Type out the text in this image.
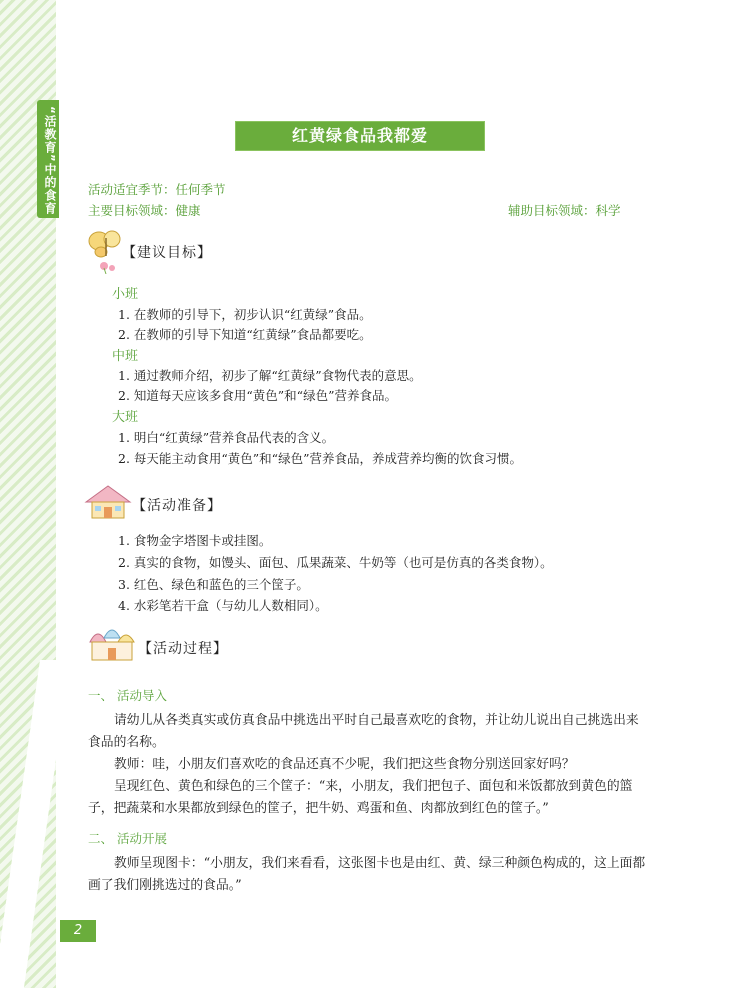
“活教育”中的食育
2
红黄绿食品我都爱
活动适宜季节：任何季节
主要目标领域：健康	辅助目标领域：科学
【建议目标】
小班
1. 在教师的引导下，初步认识“红黄绿”食品。
2. 在教师的引导下知道“红黄绿”食品都要吃。
中班
1. 通过教师介绍，初步了解“红黄绿”食物代表的意思。
2. 知道每天应该多食用“黄色”和“绿色”营养食品。
大班
1. 明白“红黄绿”营养食品代表的含义。
2. 每天能主动食用“黄色”和“绿色”营养食品，养成营养均衡的饮食习惯。
【活动准备】
1. 食物金字塔图卡或挂图。
2. 真实的食物，如馒头、面包、瓜果蔬菜、牛奶等（也可是仿真的各类食物）。
3. 红色、绿色和蓝色的三个筐子。
4. 水彩笔若干盒（与幼儿人数相同）。
【活动过程】
一、 活动导入
请幼儿从各类真实或仿真食品中挑选出平时自己最喜欢吃的食物，并让幼儿说出自己挑选出来食品的名称。
教师：哇，小朋友们喜欢吃的食品还真不少呢，我们把这些食物分别送回家好吗？
呈现红色、黄色和绿色的三个筐子：“来，小朋友，我们把包子、面包和米饭都放到黄色的篮子，把蔬菜和水果都放到绿色的筐子，把牛奶、鸡蛋和鱼、肉都放到红色的筐子。”
二、 活动开展
教师呈现图卡：“小朋友，我们来看看，这张图卡也是由红、黄、绿三种颜色构成的，这上面都画了我们刚挑选过的食品。”
